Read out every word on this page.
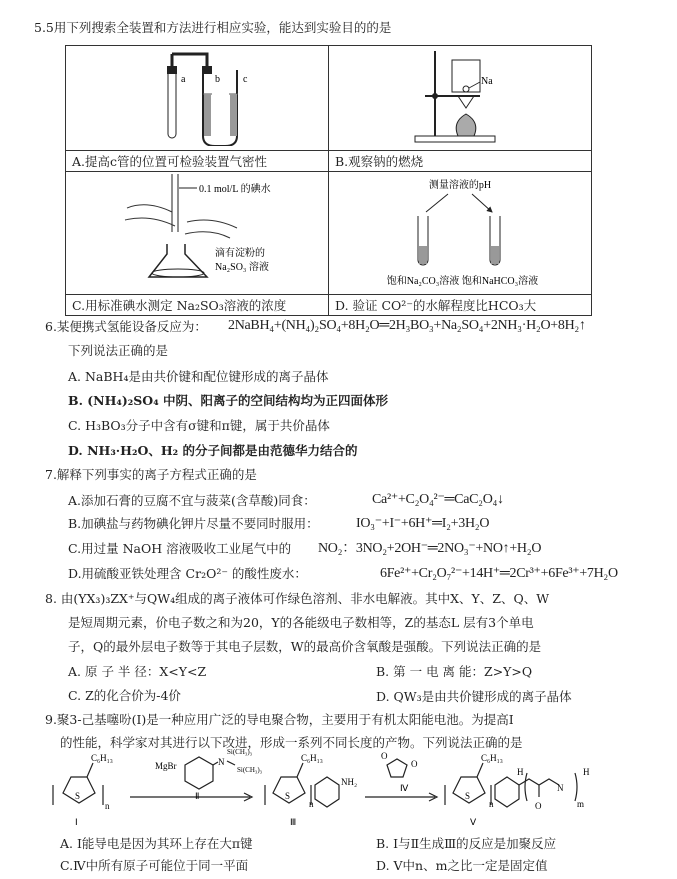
5.5用下列搜索全装置和方法进行相应实验，能达到实验目的的是
a b c	Na

A.提高c管的位置可检验装置气密性	B.观察钠的燃烧

0.1 mol/L 的碘水
滴有淀粉的
Na₂SO₃ 溶液	测量溶液的pH
饱和Na₂CO₃溶液 饱和NaHCO₃溶液

C.用标准碘水测定 Na₂SO₃溶液的浓度	D. 验证 CO²⁻的水解程度比HCO₃大
6.某便携式氢能设备反应为： 2NaBH₄+(NH₄)₂SO₄+8H₂O═2H₃BO₃+Na₂SO₄+2NH₃·H₂O+8H₂↑
下列说法正确的是
A. NaBH₄是由共价键和配位键形成的离子晶体
B. (NH₄)₂SO₄ 中阴、阳离子的空间结构均为正四面体形
C. H₃BO₃分子中含有σ键和π键，属于共价晶体
D. NH₃·H₂O、H₂ 的分子间都是由范德华力结合的
7.解释下列事实的离子方程式正确的是
A.添加石膏的豆腐不宜与菠菜(含草酸)同食：	Ca²⁺+C₂O₄²⁻═CaC₂O₄↓
B.加碘盐与药物碘化钾片尽量不要同时服用：	IO₃⁻+I⁻+6H⁺═I₂+3H₂O
C.用过量 NaOH 溶液吸收工业尾气中的 NO₂：3NO₂+2OH⁻═2NO₃⁻+NO↑+H₂O
D.用硫酸亚铁处理含 Cr₂O²⁻ 的酸性废水：	6Fe²⁺+Cr₂O₇²⁻+14H⁺═2Cr³⁺+6Fe³⁺+7H₂O
8. 由(YX₃)₃ZX⁺与QW₄组成的离子液体可作绿色溶剂、非水电解液。其中X、Y、Z、Q、W
是短周期元素，价电子数之和为20，Y的各能级电子数相等，Z的基态L 层有3个单电
子，Q的最外层电子数等于其电子层数，W的最高价含氧酸是强酸。下列说法正确的是
A. 原 子 半 径：X<Y<Z	B. 第 一 电 离 能：Z>Y>Q
C. Z的化合价为-4价	D. QW₃是由共价键形成的离子晶体
9.聚3-己基噻吩(Ⅰ)是一种应用广泛的导电聚合物，主要用于有机太阳能电池。为提高Ⅰ
的性能，科学家对其进行以下改进，形成一系列不同长度的产物。下列说法正确的是
C₆H₁₃
S
n
MgBr	N
Si(CH₃)₃
Si(CH₃)₃
C₆H₁₃
S
n
NH₂
O
O
C₆H₁₃
S
n
H
O
N
m
H
Ⅱ
Ⅳ
Ⅰ	Ⅲ	Ⅴ
A. Ⅰ能导电是因为其环上存在大π键	B. Ⅰ与Ⅱ生成Ⅲ的反应是加聚反应
C.Ⅳ中所有原子可能位于同一平面	D. Ⅴ中n、m之比一定是固定值
